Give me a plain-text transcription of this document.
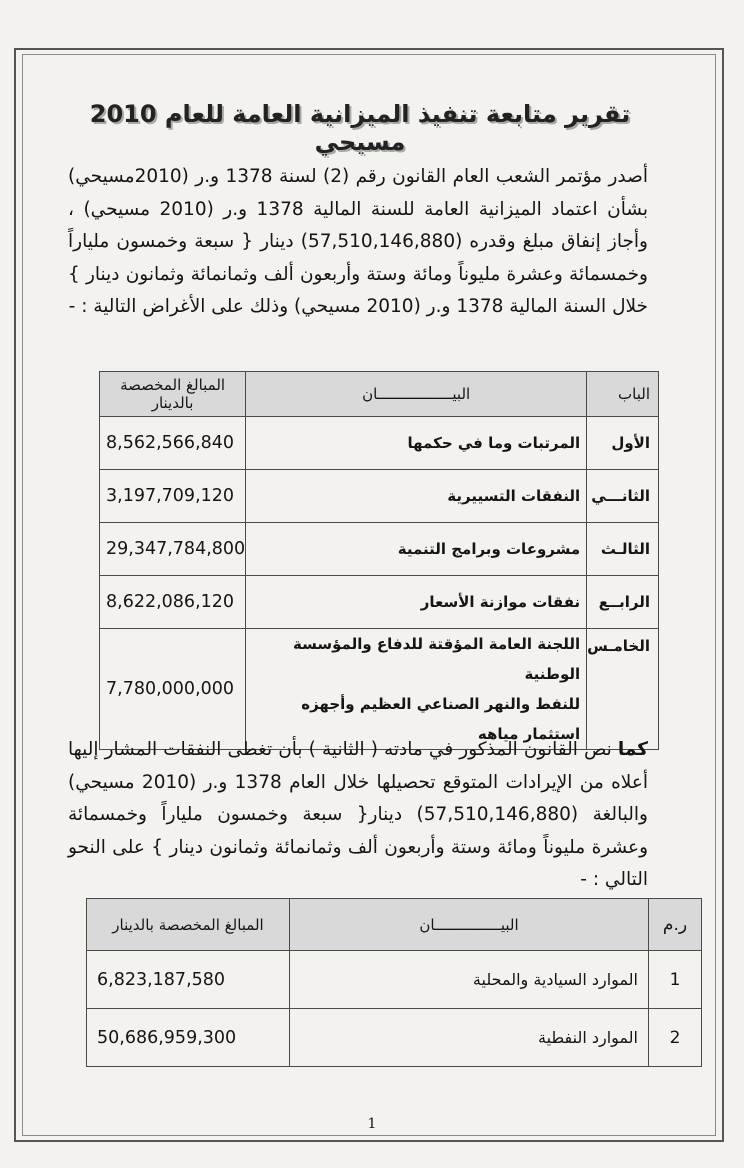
تقرير متابعة تنفيذ الميزانية العامة للعام 2010 مسيحي

أصدر مؤتمر الشعب العام القانون رقم (2) لسنة 1378 و.ر (2010مسيحي) بشأن اعتماد الميزانية العامة للسنة المالية 1378 و.ر (2010 مسيحي) ، وأجاز إنفاق مبلغ وقدره (57,510,146,880) دينار { سبعة وخمسون ملياراً وخمسمائة وعشرة مليوناً ومائة وستة وأربعون ألف وثمانمائة وثمانون دينار } خلال السنة المالية 1378 و.ر (2010 مسيحي) وذلك على الأغراض التالية : -

الباب	البيـــــــــــــــــان	المبالغ المخصصة بالدينار
الأول	المرتبات وما في حكمها	8,562,566,840
الثانـــي	النفقات التسييرية	3,197,709,120
الثالـث	مشروعات وبرامج التنمية	29,347,784,800
الرابــع	نفقات موازنة الأسعار	8,622,086,120
الخامـس	اللجنة العامة المؤقتة للدفاع والمؤسسة الوطنية
للنفط والنهر الصناعي العظيم وأجهزه استثمار مياهه	7,780,000,000

كما نص القانون المذكور في مادته ( الثانية ) بأن تغطى النفقات المشار إليها أعلاه من الإيرادات المتوقع تحصيلها خلال العام 1378 و.ر (2010 مسيحي) والبالغة (57,510,146,880) دينار{ سبعة وخمسون ملياراً وخمسمائة وعشرة مليوناً ومائة وستة وأربعون ألف وثمانمائة وثمانون دينار } على النحو التالي : -

ر.م	البيـــــــــــــــان	المبالغ المخصصة بالدينار
1	الموارد السيادية والمحلية	6,823,187,580
2	الموارد النفطية	50,686,959,300
1
